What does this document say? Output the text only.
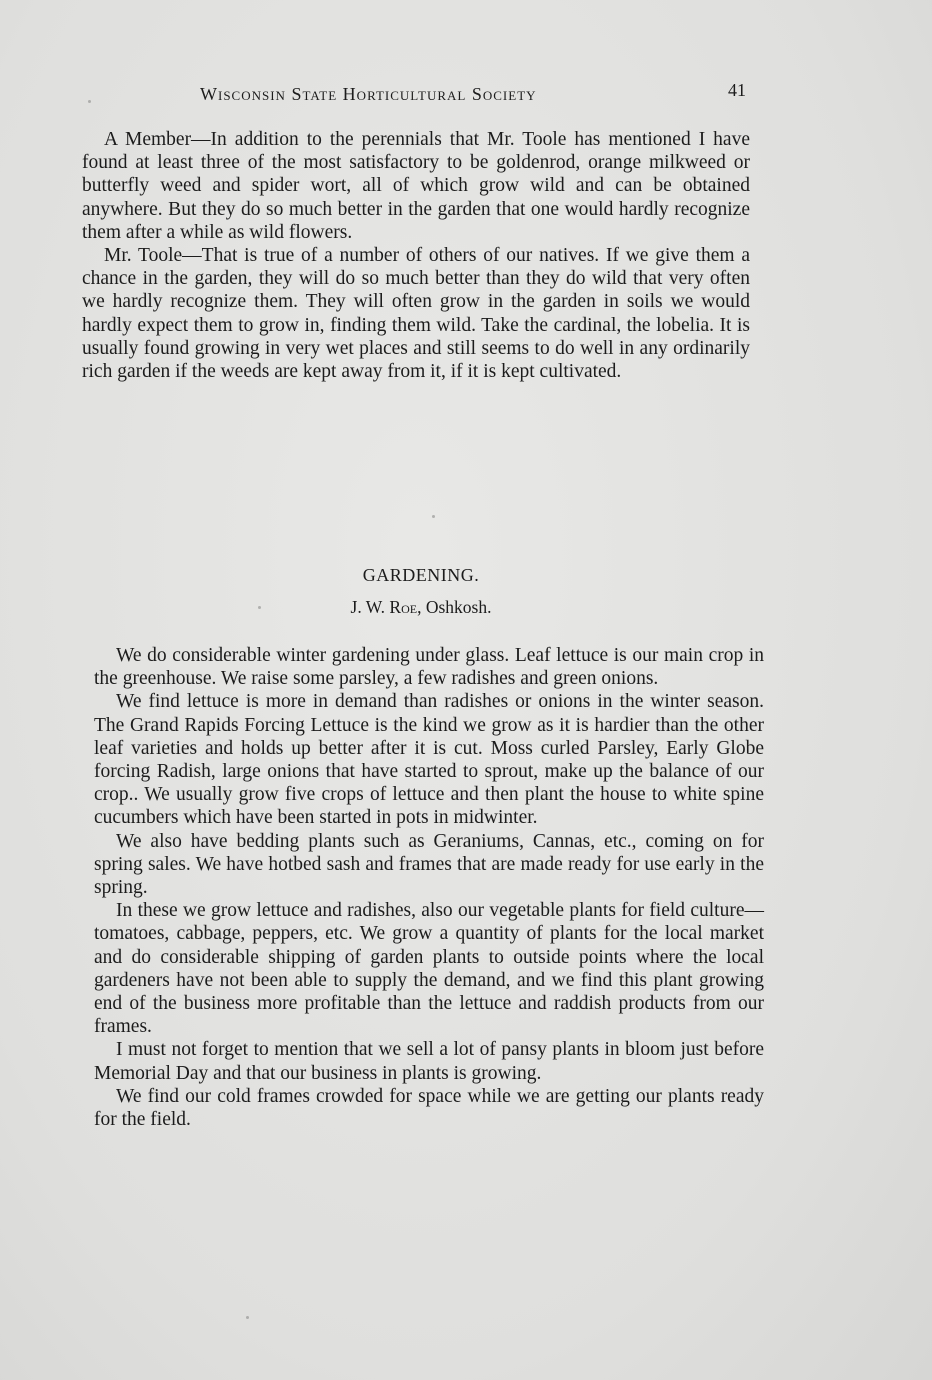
Wisconsin State Horticultural Society	41

A Member—In addition to the perennials that Mr. Toole has mentioned I have found at least three of the most satisfactory to be goldenrod, orange milkweed or butterfly weed and spider wort, all of which grow wild and can be obtained anywhere. But they do so much better in the garden that one would hardly recognize them after a while as wild flowers.

Mr. Toole—That is true of a number of others of our natives. If we give them a chance in the garden, they will do so much better than they do wild that very often we hardly recognize them. They will often grow in the garden in soils we would hardly expect them to grow in, finding them wild. Take the cardinal, the lobelia. It is usually found growing in very wet places and still seems to do well in any ordinarily rich garden if the weeds are kept away from it, if it is kept cultivated.

GARDENING.
J. W. Roe, Oshkosh.

We do considerable winter gardening under glass. Leaf lettuce is our main crop in the greenhouse. We raise some parsley, a few radishes and green onions.

We find lettuce is more in demand than radishes or onions in the winter season. The Grand Rapids Forcing Lettuce is the kind we grow as it is hardier than the other leaf varieties and holds up better after it is cut. Moss curled Parsley, Early Globe forcing Radish, large onions that have started to sprout, make up the balance of our crop.. We usually grow five crops of lettuce and then plant the house to white spine cucumbers which have been started in pots in midwinter.

We also have bedding plants such as Geraniums, Cannas, etc., coming on for spring sales. We have hotbed sash and frames that are made ready for use early in the spring.

In these we grow lettuce and radishes, also our vegetable plants for field culture—tomatoes, cabbage, peppers, etc. We grow a quantity of plants for the local market and do considerable shipping of garden plants to outside points where the local gardeners have not been able to supply the demand, and we find this plant growing end of the business more profitable than the lettuce and raddish products from our frames.

I must not forget to mention that we sell a lot of pansy plants in bloom just before Memorial Day and that our business in plants is growing.

We find our cold frames crowded for space while we are getting our plants ready for the field.
